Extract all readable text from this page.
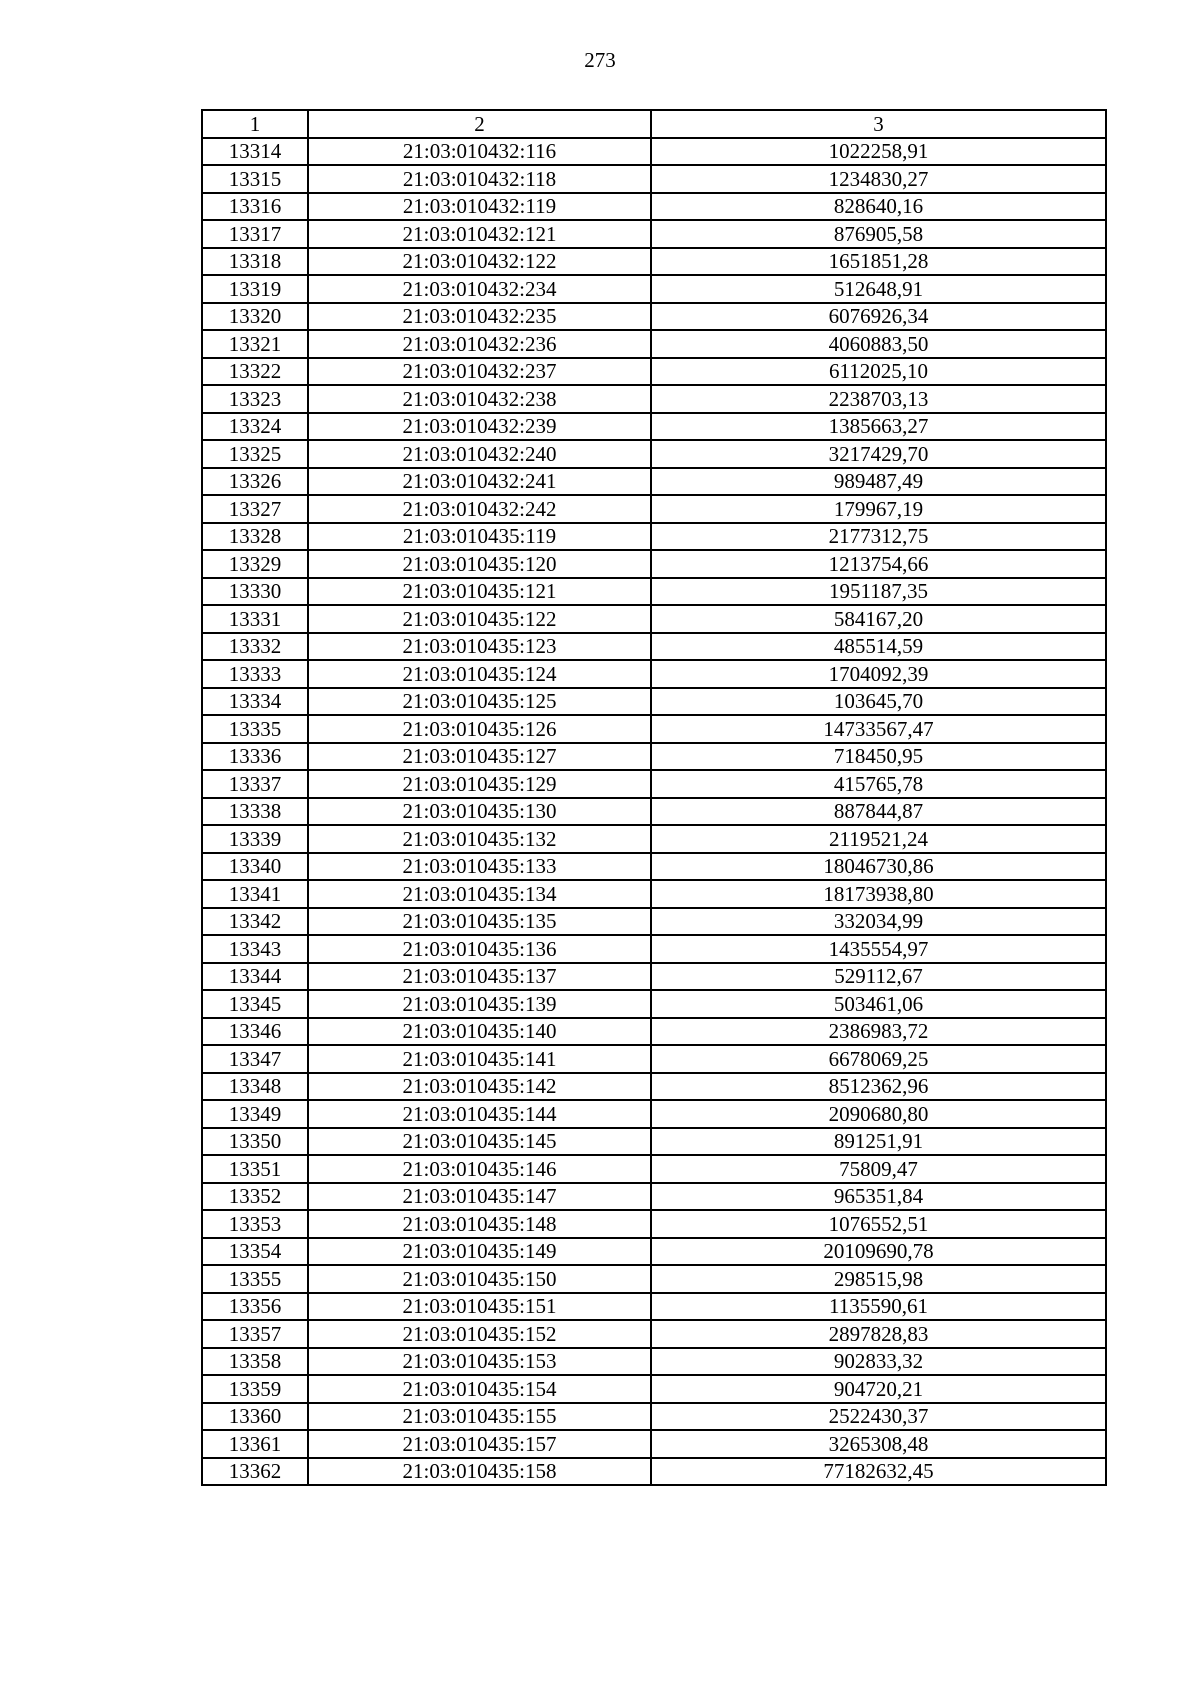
273
1	2	3
13314	21:03:010432:116	1022258,91
13315	21:03:010432:118	1234830,27
13316	21:03:010432:119	828640,16
13317	21:03:010432:121	876905,58
13318	21:03:010432:122	1651851,28
13319	21:03:010432:234	512648,91
13320	21:03:010432:235	6076926,34
13321	21:03:010432:236	4060883,50
13322	21:03:010432:237	6112025,10
13323	21:03:010432:238	2238703,13
13324	21:03:010432:239	1385663,27
13325	21:03:010432:240	3217429,70
13326	21:03:010432:241	989487,49
13327	21:03:010432:242	179967,19
13328	21:03:010435:119	2177312,75
13329	21:03:010435:120	1213754,66
13330	21:03:010435:121	1951187,35
13331	21:03:010435:122	584167,20
13332	21:03:010435:123	485514,59
13333	21:03:010435:124	1704092,39
13334	21:03:010435:125	103645,70
13335	21:03:010435:126	14733567,47
13336	21:03:010435:127	718450,95
13337	21:03:010435:129	415765,78
13338	21:03:010435:130	887844,87
13339	21:03:010435:132	2119521,24
13340	21:03:010435:133	18046730,86
13341	21:03:010435:134	18173938,80
13342	21:03:010435:135	332034,99
13343	21:03:010435:136	1435554,97
13344	21:03:010435:137	529112,67
13345	21:03:010435:139	503461,06
13346	21:03:010435:140	2386983,72
13347	21:03:010435:141	6678069,25
13348	21:03:010435:142	8512362,96
13349	21:03:010435:144	2090680,80
13350	21:03:010435:145	891251,91
13351	21:03:010435:146	75809,47
13352	21:03:010435:147	965351,84
13353	21:03:010435:148	1076552,51
13354	21:03:010435:149	20109690,78
13355	21:03:010435:150	298515,98
13356	21:03:010435:151	1135590,61
13357	21:03:010435:152	2897828,83
13358	21:03:010435:153	902833,32
13359	21:03:010435:154	904720,21
13360	21:03:010435:155	2522430,37
13361	21:03:010435:157	3265308,48
13362	21:03:010435:158	77182632,45
